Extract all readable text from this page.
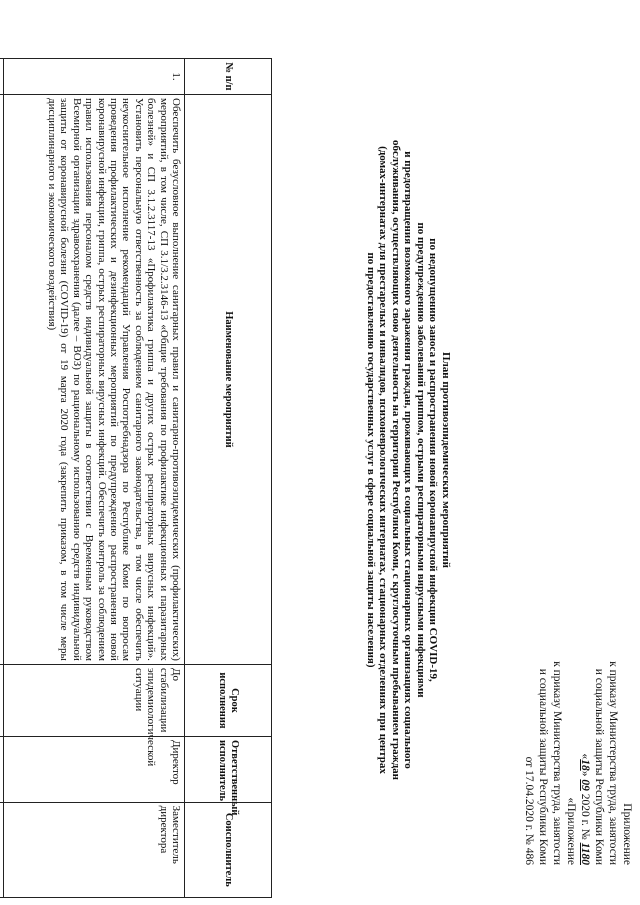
Приложение
к приказу Министерства труда, занятости
и социальной защиты Республики Коми
«18» 09 2020 г. № 1180
«Приложение
к приказу Министерства труда, занятости
и социальной защиты Республики Коми
от 17.04.2020 г. № 486
План противоэпидемических мероприятий
по недопущению заноса и распространения новой коронавирусной инфекции COVID-19,
по предупреждению заболеваний гриппом, острыми респираторными вирусными инфекциями
и предотвращения возможного заражения граждан, проживающих в социальных стационарных организациях социального
обслуживания, осуществляющих свою деятельность на территории Республики Коми, с круглосуточным пребыванием граждан
(домах-интернатах для престарелых и инвалидов, психоневрологических интернатах, стационарных отделениях при центрах
по предоставлению государственных услуг в сфере социальной защиты населения)
№ п/п	Наименование мероприятий	Срок исполнения	Ответственный исполнитель	Соисполнитель
1.	Обеспечить безусловное выполнение санитарных правил и санитарно-противоэпидемических (профилактических) мероприятий, в том числе, СП 3.1/3.2.3146-13 «Общие требования по профилактике инфекционных и паразитарных болезней» и СП 3.1.2.3117-13 «Профилактика гриппа и других острых респираторных вирусных инфекций». Установить персональную ответственность за соблюдением санитарного законодательства, в том числе обеспечить неукоснительное исполнение рекомендаций Управления Роспотребнадзора по Республике Коми по вопросам проведения профилактических и дезинфекционных мероприятий по предупреждению распространения новой коронавирусной инфекции, гриппа, острых респираторных вирусных инфекций. Обеспечить контроль за соблюдением правил использования персоналом средств индивидуальной защиты в соответствии с Временным руководством Всемирной организации здравоохранения (далее – ВОЗ) по рациональному использованию средств индивидуальной защиты от коронавирусной болезни (COVID-19) от 19 марта 2020 года (закрепить приказом, в том числе меры дисциплинарного и экономического воздействия)	До стабилизации эпидемиологической ситуации	Директор	Заместитель директора
